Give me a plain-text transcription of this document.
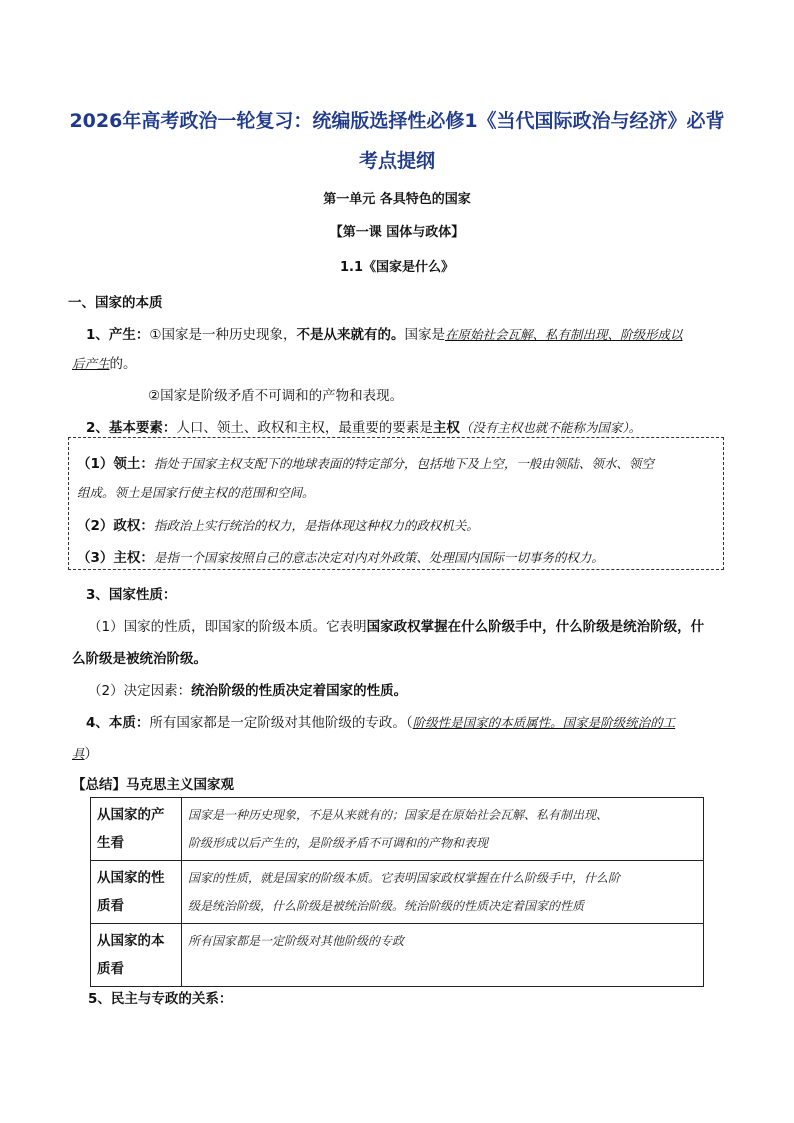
2026年高考政治一轮复习：统编版选择性必修1《当代国际政治与经济》必背
考点提纲
第一单元 各具特色的国家
【第一课 国体与政体】
1.1《国家是什么》
一、国家的本质
1、产生：①国家是一种历史现象，不是从来就有的。国家是在原始社会瓦解、私有制出现、阶级形成以
后产生的。
②国家是阶级矛盾不可调和的产物和表现。
2、基本要素：人口、领土、政权和主权，最重要的要素是主权（没有主权也就不能称为国家）。
（1）领土：指处于国家主权支配下的地球表面的特定部分，包括地下及上空，一般由领陆、领水、领空
组成。领土是国家行使主权的范围和空间。
（2）政权：指政治上实行统治的权力，是指体现这种权力的政权机关。
（3）主权：是指一个国家按照自己的意志决定对内对外政策、处理国内国际一切事务的权力。
3、国家性质：
（1）国家的性质，即国家的阶级本质。它表明国家政权掌握在什么阶级手中，什么阶级是统治阶级，什
么阶级是被统治阶级。
（2）决定因素：统治阶级的性质决定着国家的性质。
4、本质：所有国家都是一定阶级对其他阶级的专政。（阶级性是国家的本质属性。国家是阶级统治的工
具）
【总结】马克思主义国家观
从国家的产
生看	国家是一种历史现象，不是从来就有的；国家是在原始社会瓦解、私有制出现、
阶级形成以后产生的，是阶级矛盾不可调和的产物和表现
从国家的性
质看	国家的性质，就是国家的阶级本质。它表明国家政权掌握在什么阶级手中，什么阶
级是统治阶级，什么阶级是被统治阶级。统治阶级的性质决定着国家的性质
从国家的本
质看	所有国家都是一定阶级对其他阶级的专政

5、民主与专政的关系：
